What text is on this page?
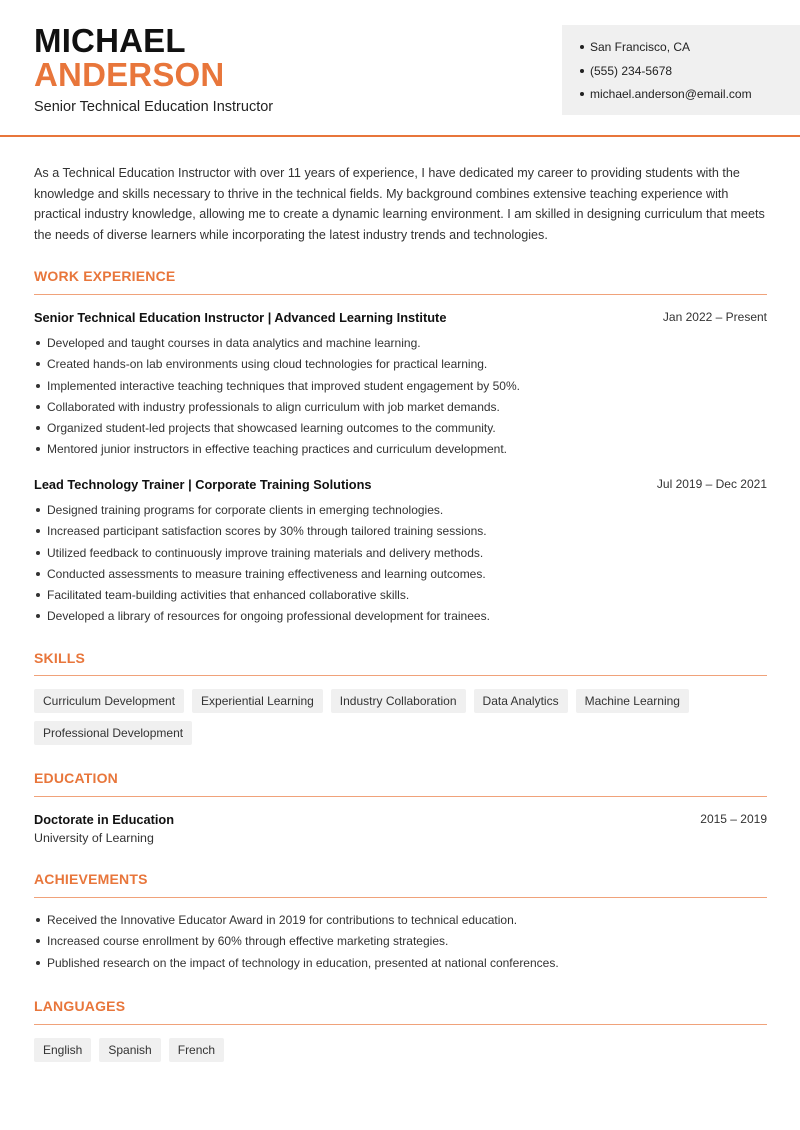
MICHAEL
ANDERSON
Senior Technical Education Instructor
San Francisco, CA
(555) 234-5678
michael.anderson@email.com

As a Technical Education Instructor with over 11 years of experience, I have dedicated my career to providing students with the knowledge and skills necessary to thrive in the technical fields. My background combines extensive teaching experience with practical industry knowledge, allowing me to create a dynamic learning environment. I am skilled in designing curriculum that meets the needs of diverse learners while incorporating the latest industry trends and technologies.

WORK EXPERIENCE
Senior Technical Education Instructor | Advanced Learning Institute	Jan 2022 – Present
Developed and taught courses in data analytics and machine learning.
Created hands-on lab environments using cloud technologies for practical learning.
Implemented interactive teaching techniques that improved student engagement by 50%.
Collaborated with industry professionals to align curriculum with job market demands.
Organized student-led projects that showcased learning outcomes to the community.
Mentored junior instructors in effective teaching practices and curriculum development.
Lead Technology Trainer | Corporate Training Solutions	Jul 2019 – Dec 2021
Designed training programs for corporate clients in emerging technologies.
Increased participant satisfaction scores by 30% through tailored training sessions.
Utilized feedback to continuously improve training materials and delivery methods.
Conducted assessments to measure training effectiveness and learning outcomes.
Facilitated team-building activities that enhanced collaborative skills.
Developed a library of resources for ongoing professional development for trainees.
SKILLS
Curriculum Development	Experiential Learning	Industry Collaboration	Data Analytics	Machine Learning
Professional Development
EDUCATION
Doctorate in Education	2015 – 2019
University of Learning
ACHIEVEMENTS
Received the Innovative Educator Award in 2019 for contributions to technical education.
Increased course enrollment by 60% through effective marketing strategies.
Published research on the impact of technology in education, presented at national conferences.
LANGUAGES
English	Spanish	French
